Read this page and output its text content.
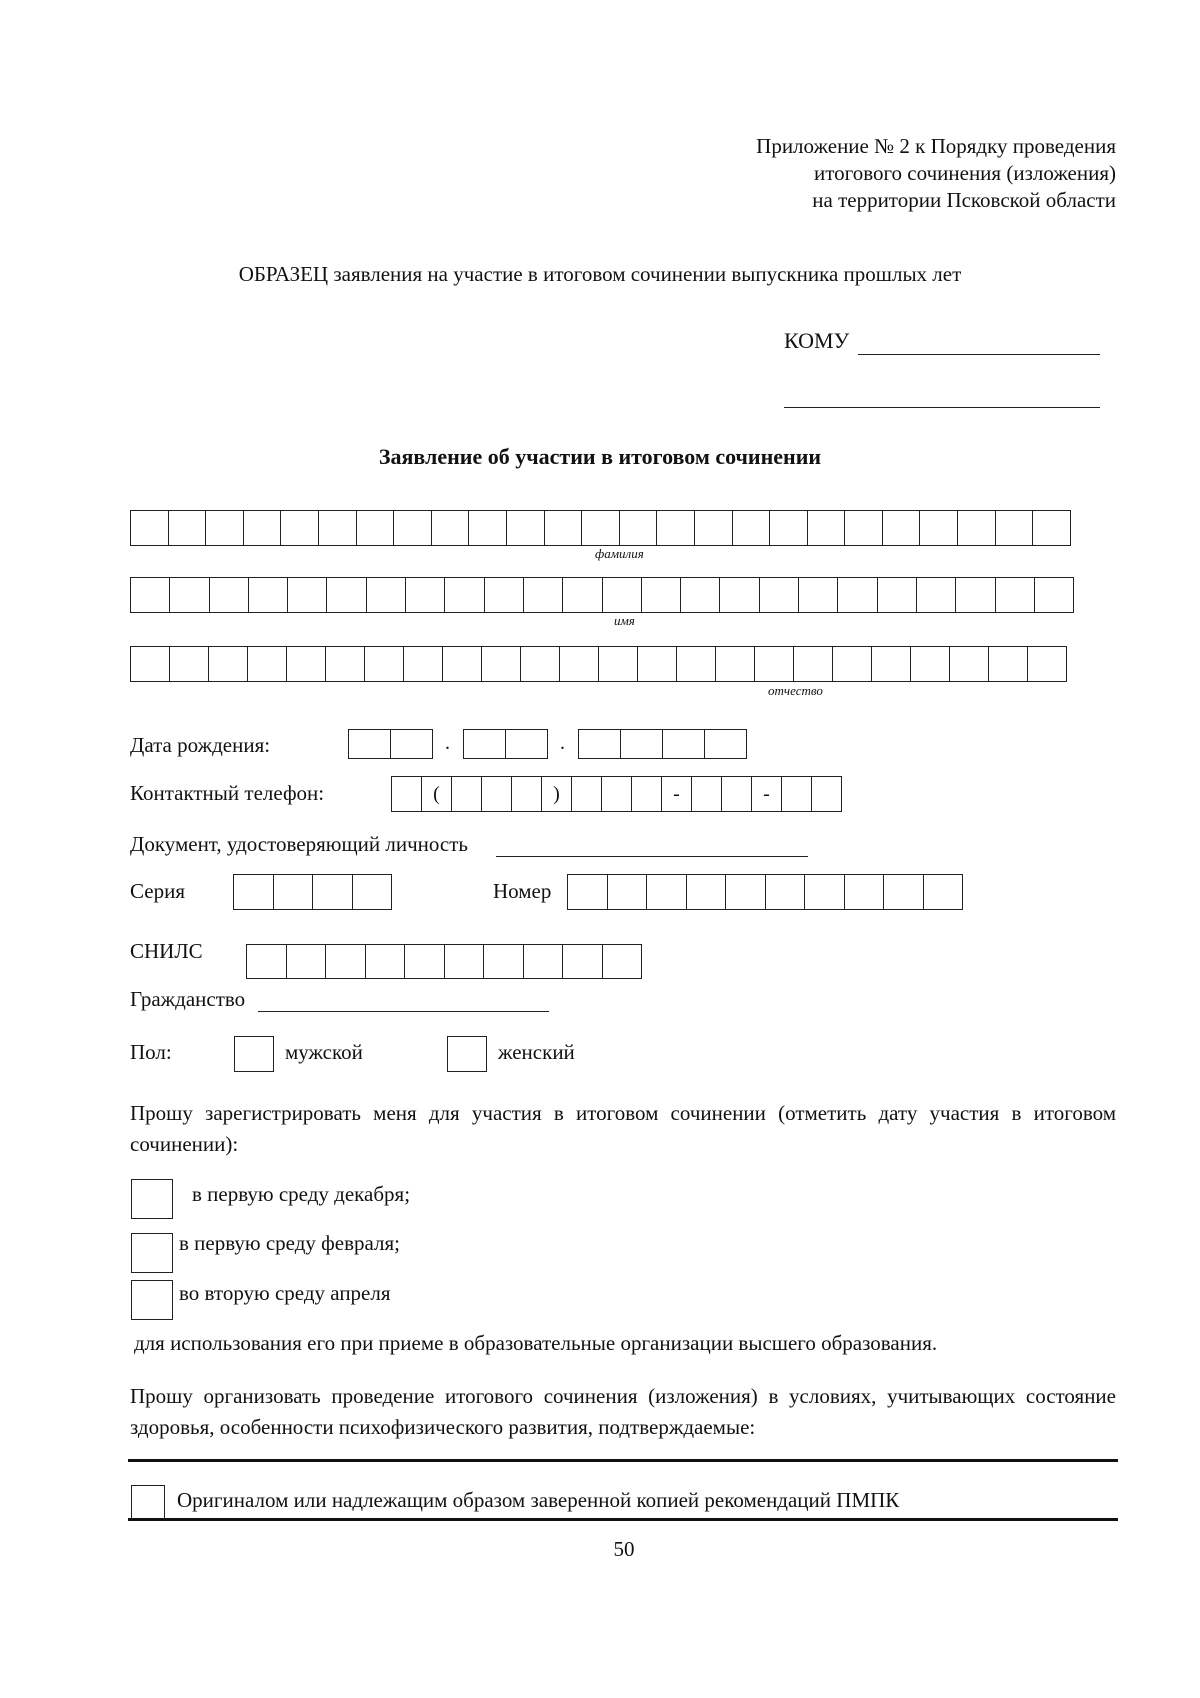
Приложение № 2 к Порядку проведения
итогового сочинения (изложения)
на территории Псковской области
ОБРАЗЕЦ заявления на участие в итоговом сочинении выпускника прошлых лет
КОМУ
Заявление об участии в итоговом сочинении
фамилия
имя
отчество
Дата рождения:	.	.
Контактный телефон:	(	)	-	-
Документ, удостоверяющий личность
Серия	Номер
СНИЛС
Гражданство
Пол:	мужской	женский
Прошу зарегистрировать меня для участия в итоговом сочинении (отметить дату участия в итоговом сочинении):
в первую среду декабря;
в первую среду февраля;
во вторую среду апреля
для использования его при приеме в образовательные организации высшего образования.
Прошу организовать проведение итогового сочинения (изложения) в условиях, учитывающих состояние здоровья, особенности психофизического развития, подтверждаемые:
Оригиналом или надлежащим образом заверенной копией рекомендаций ПМПК
50
